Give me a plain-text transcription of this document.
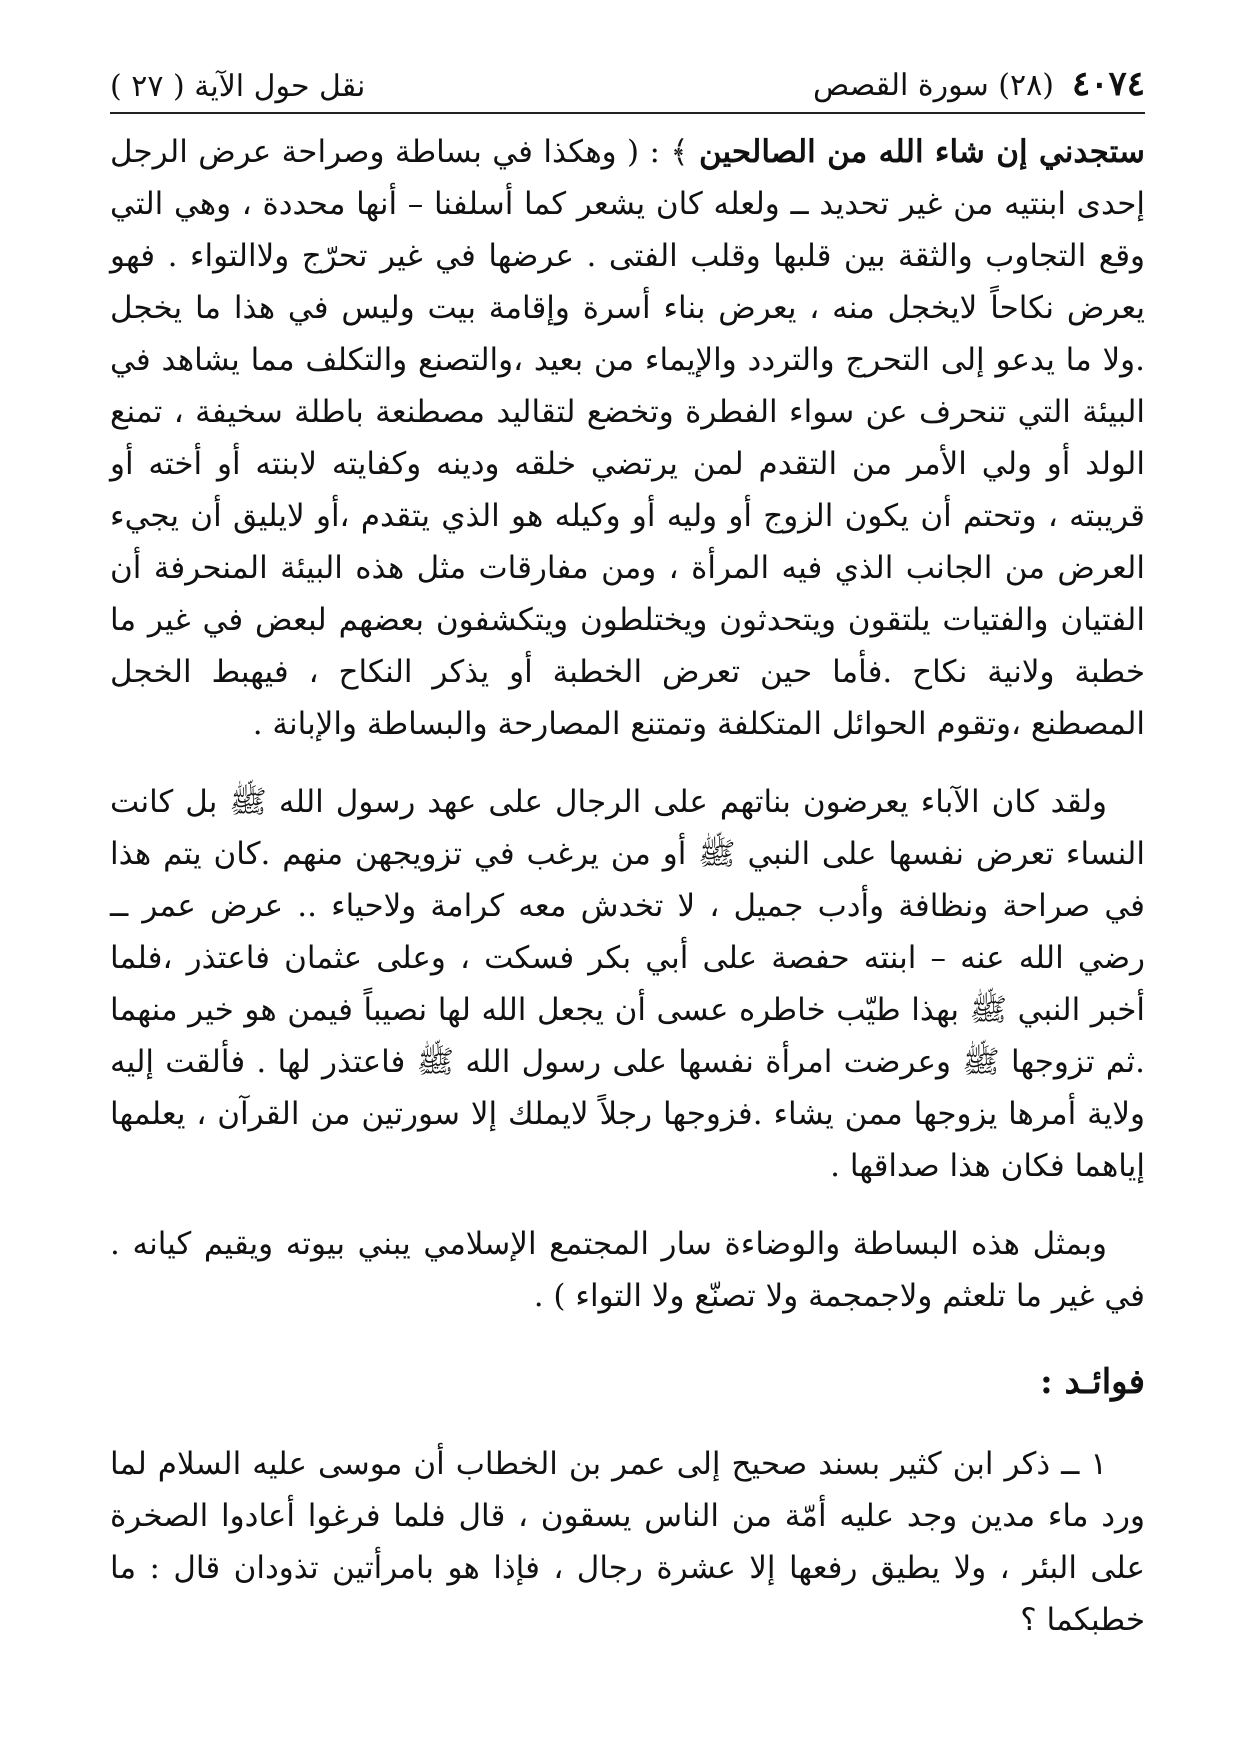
٤٠٧٤
(٢٨) سورة القصص
نقل حول الآية ( ٢٧ )

ستجدني إن شاء الله من الصالحين ﴾ : ( وهكذا في بساطة وصراحة عرض الرجل إحدى ابنتيه من غير تحديد ــ ولعله كان يشعر كما أسلفنا – أنها محددة ، وهي التي وقع التجاوب والثقة بين قلبها وقلب الفتى . عرضها في غير تحرّج ولاالتواء . فهو يعرض نكاحاً لايخجل منه ، يعرض بناء أسرة وإقامة بيت وليس في هذا ما يخجل .ولا ما يدعو إلى التحرج والتردد والإيماء من بعيد ،والتصنع والتكلف مما يشاهد في البيئة التي تنحرف عن سواء الفطرة وتخضع لتقاليد مصطنعة باطلة سخيفة ، تمنع الولد أو ولي الأمر من التقدم لمن يرتضي خلقه ودينه وكفايته لابنته أو أخته أو قريبته ، وتحتم أن يكون الزوج أو وليه أو وكيله هو الذي يتقدم ،أو لايليق أن يجيء العرض من الجانب الذي فيه المرأة ، ومن مفارقات مثل هذه البيئة المنحرفة أن الفتيان والفتيات يلتقون ويتحدثون ويختلطون ويتكشفون بعضهم لبعض في غير ما خطبة ولانية نكاح .فأما حين تعرض الخطبة أو يذكر النكاح ، فيهبط الخجل المصطنع ،وتقوم الحوائل المتكلفة وتمتنع المصارحة والبساطة والإبانة .

ولقد كان الآباء يعرضون بناتهم على الرجال على عهد رسول الله ﷺ بل كانت النساء تعرض نفسها على النبي ﷺ أو من يرغب في تزويجهن منهم .كان يتم هذا في صراحة ونظافة وأدب جميل ، لا تخدش معه كرامة ولاحياء .. عرض عمر ــ رضي الله عنه – ابنته حفصة على أبي بكر فسكت ، وعلى عثمان فاعتذر ،فلما أخبر النبي ﷺ بهذا طيّب خاطره عسى أن يجعل الله لها نصيباً فيمن هو خير منهما .ثم تزوجها ﷺ وعرضت امرأة نفسها على رسول الله ﷺ فاعتذر لها . فألقت إليه ولاية أمرها يزوجها ممن يشاء .فزوجها رجلاً لايملك إلا سورتين من القرآن ، يعلمها إياهما فكان هذا صداقها .

وبمثل هذه البساطة والوضاءة سار المجتمع الإسلامي يبني بيوته ويقيم كيانه . في غير ما تلعثم ولاجمجمة ولا تصنّع ولا التواء ) .

فوائـد :

١ ــ ذكر ابن كثير بسند صحيح إلى عمر بن الخطاب أن موسى عليه السلام لما ورد ماء مدين وجد عليه أمّة من الناس يسقون ، قال فلما فرغوا أعادوا الصخرة على البئر ، ولا يطيق رفعها إلا عشرة رجال ، فإذا هو بامرأتين تذودان قال : ما خطبكما ؟
